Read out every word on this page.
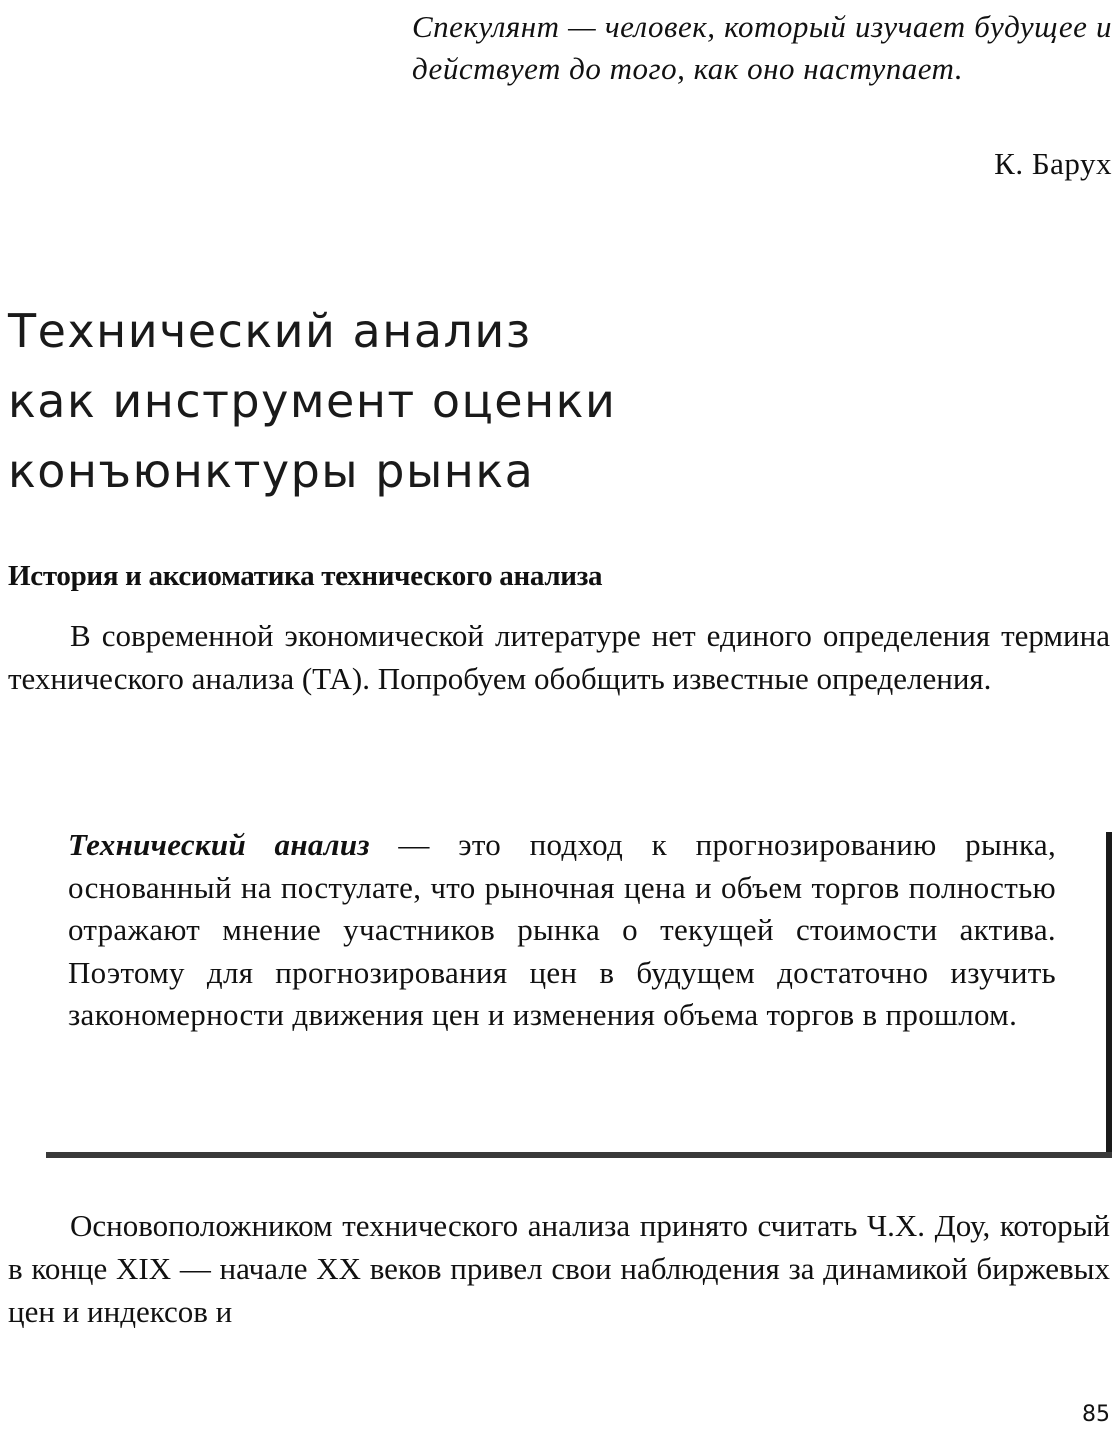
Спекулянт — человек, который изучает будущее и действует до того, как оно наступает.

К. Барух

Технический анализ
как инструмент оценки
конъюнктуры рынка
История и аксиоматика технического анализа

В современной экономической литературе нет единого определения термина технического анализа (ТА). Попробуем обобщить известные определения.

Технический анализ — это подход к прогнозированию рынка, основанный на постулате, что рыночная цена и объем торгов полностью отражают мнение участников рынка о текущей стоимости актива. Поэтому для прогнозирования цен в будущем достаточно изучить закономерности движения цен и изменения объема торгов в прошлом.

Основоположником технического анализа принято считать Ч.Х. Доу, который в конце XIX — начале XX веков привел свои наблюдения за динамикой биржевых цен и индексов и

85
